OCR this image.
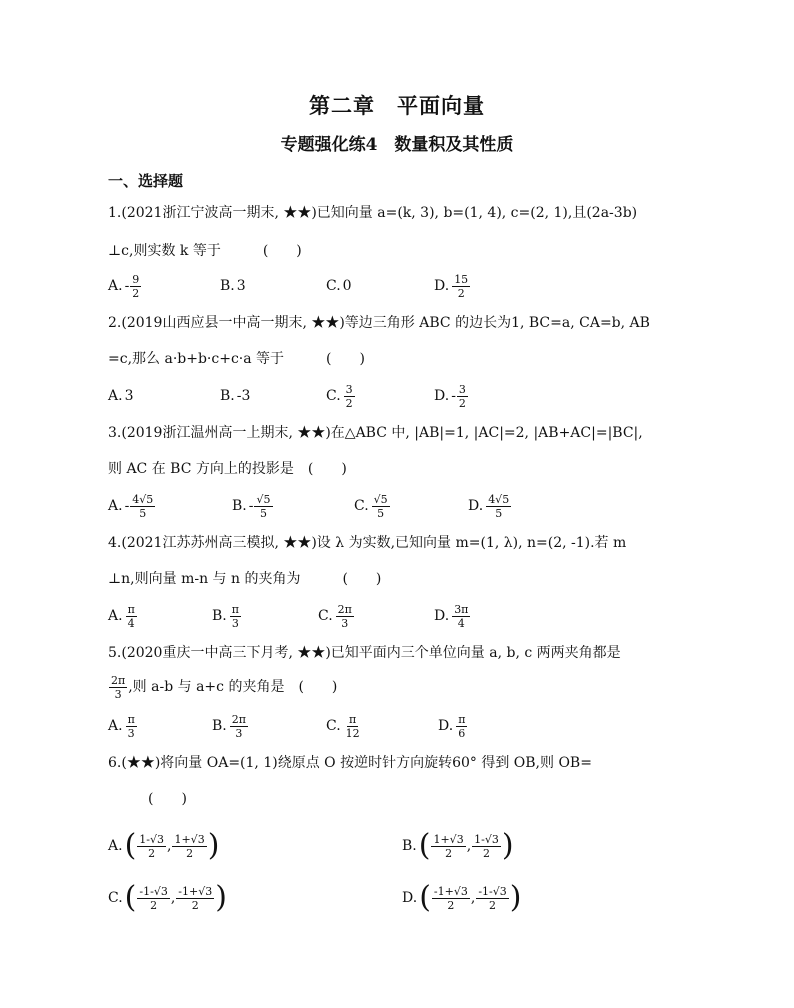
第二章　平面向量
专题强化练4　数量积及其性质
一、选择题
1.(2021浙江宁波高一期末, ★★)已知向量 a=(k, 3), b=(1, 4), c=(2, 1),且(2a-3b)
⊥c,则实数 k 等于　　　(　　)
A. - $\frac{9}{2}$	B. 3	C. 0	D. $\frac{15}{2}$
2.(2019山西应县一中高一期末, ★★)等边三角形 ABC 的边长为1, BC=a, CA=b, AB
=c,那么 a·b+b·c+c·a 等于　　　(　　)
A. 3	B. -3	C. $\frac{3}{2}$	D. - $\frac{3}{2}$
3.(2019浙江温州高一上期末, ★★)在△ABC 中, |AB|=1, |AC|=2, |AB+AC|=|BC|,
则 AC 在 BC 方向上的投影是　(　　)
A. - $\frac{4√5}{5}$	B. - $\frac{√5}{5}$	C. $\frac{√5}{5}$	D. $\frac{4√5}{5}$
4.(2021江苏苏州高三模拟, ★★)设 λ 为实数,已知向量 m=(1, λ), n=(2, -1).若 m
⊥n,则向量 m-n 与 n 的夹角为　　　(　　)
A. $\frac{\pi}{4}$	B. $\frac{\pi}{3}$	C. $\frac{2\pi}{3}$	D. $\frac{3\pi}{4}$
5.(2020重庆一中高三下月考, ★★)已知平面内三个单位向量 a, b, c 两两夹角都是
$\frac{2\pi}{3}$ ,则 a-b 与 a+c 的夹角是　(　　)
A. $\frac{\pi}{3}$	B. $\frac{2\pi}{3}$	C. $\frac{\pi}{12}$	D. $\frac{\pi}{6}$
6.(★★)将向量 OA=(1, 1)绕原点 O 按逆时针方向旋转60° 得到 OB,则 OB=
(　　)
A. ( $\frac{1-√3}{2}$ , $\frac{1+√3}{2}$ )	B. ( $\frac{1+√3}{2}$ , $\frac{1-√3}{2}$ )
C. ( $\frac{-1-√3}{2}$ , $\frac{-1+√3}{2}$ )	D. ( $\frac{-1+√3}{2}$ , $\frac{-1-√3}{2}$ )
